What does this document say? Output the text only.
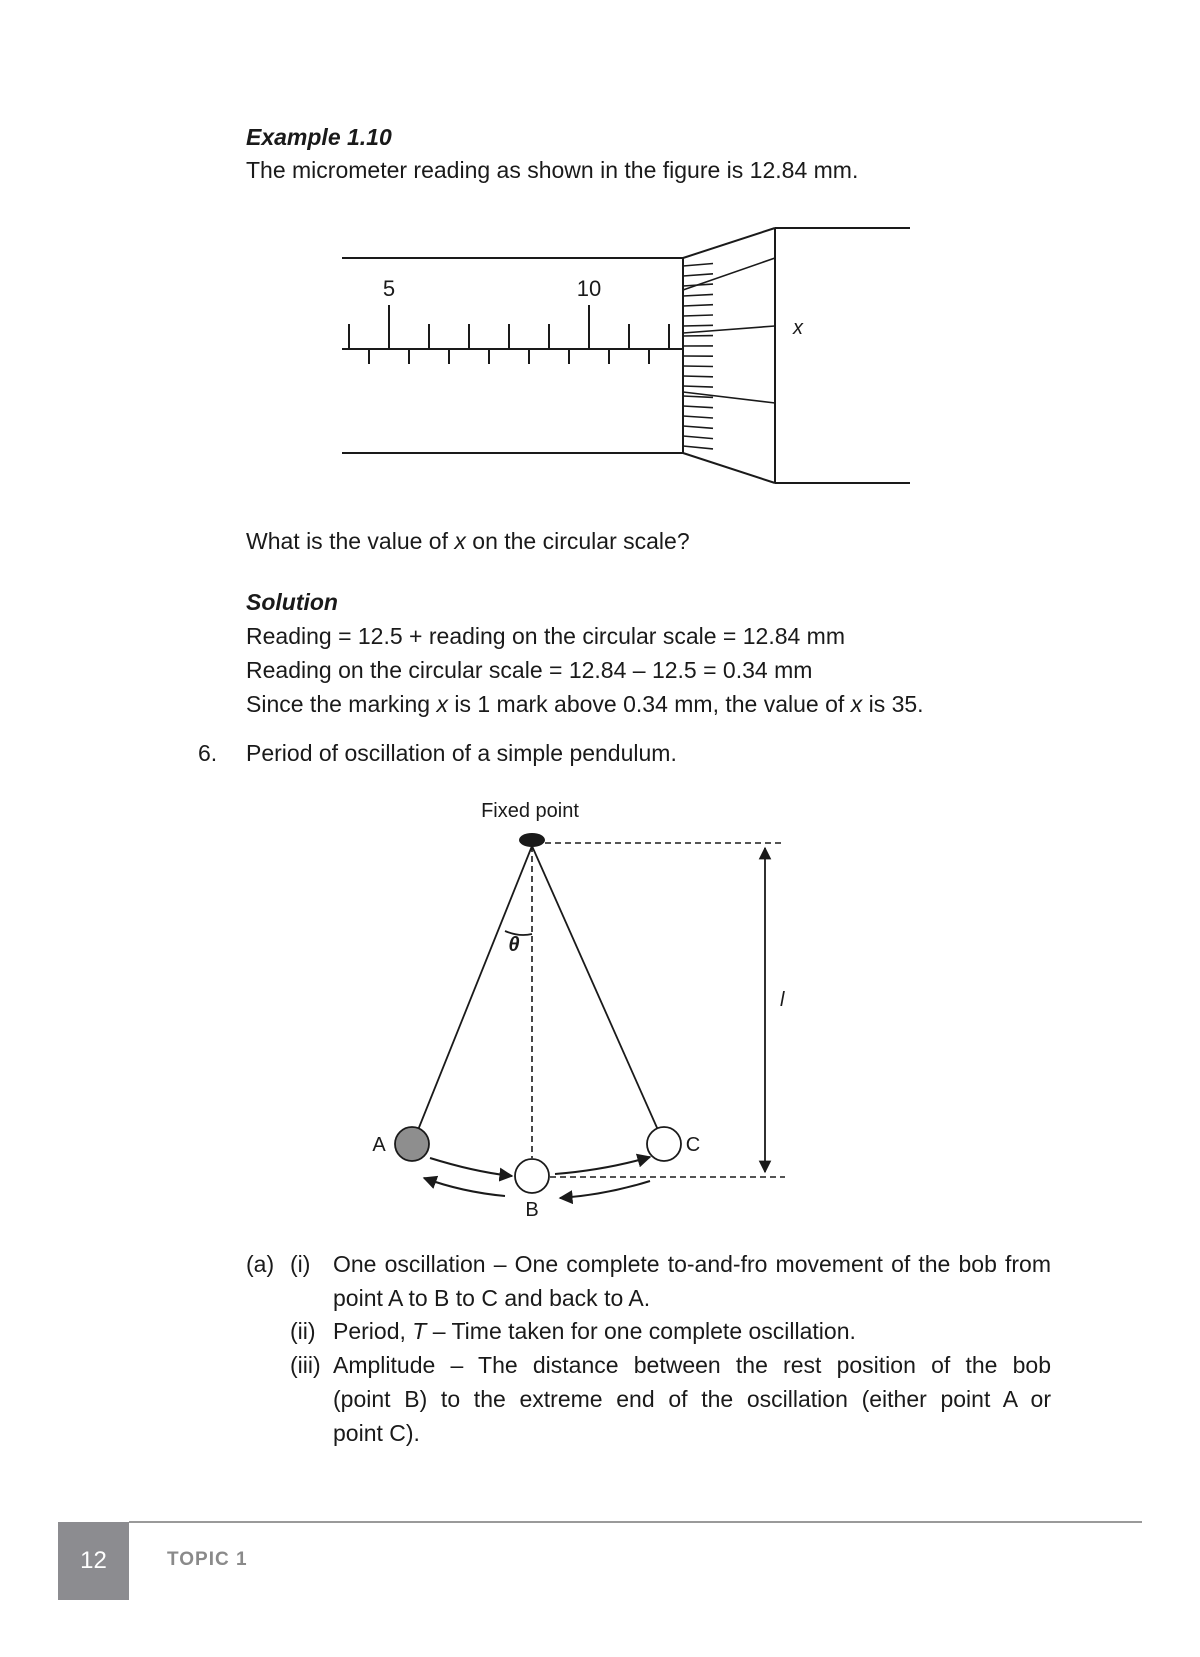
Example 1.10
The micrometer reading as shown in the figure is 12.84 mm.
5	10
x
What is the value of x on the circular scale?
Solution
Reading = 12.5 + reading on the circular scale = 12.84 mm
Reading on the circular scale = 12.84 – 12.5 = 0.34 mm
Since the marking x is 1 mark above 0.34 mm, the value of x is 35.
6. Period of oscillation of a simple pendulum.
Fixed point
θ
l
A
B
C
(a) (i) One oscillation – One complete to-and-fro movement of the bob from
point A to B to C and back to A.
(ii) Period, T – Time taken for one complete oscillation.
(iii) Amplitude – The distance between the rest position of the bob
(point B) to the extreme end of the oscillation (either point A or
point C).
12	TOPIC 1
